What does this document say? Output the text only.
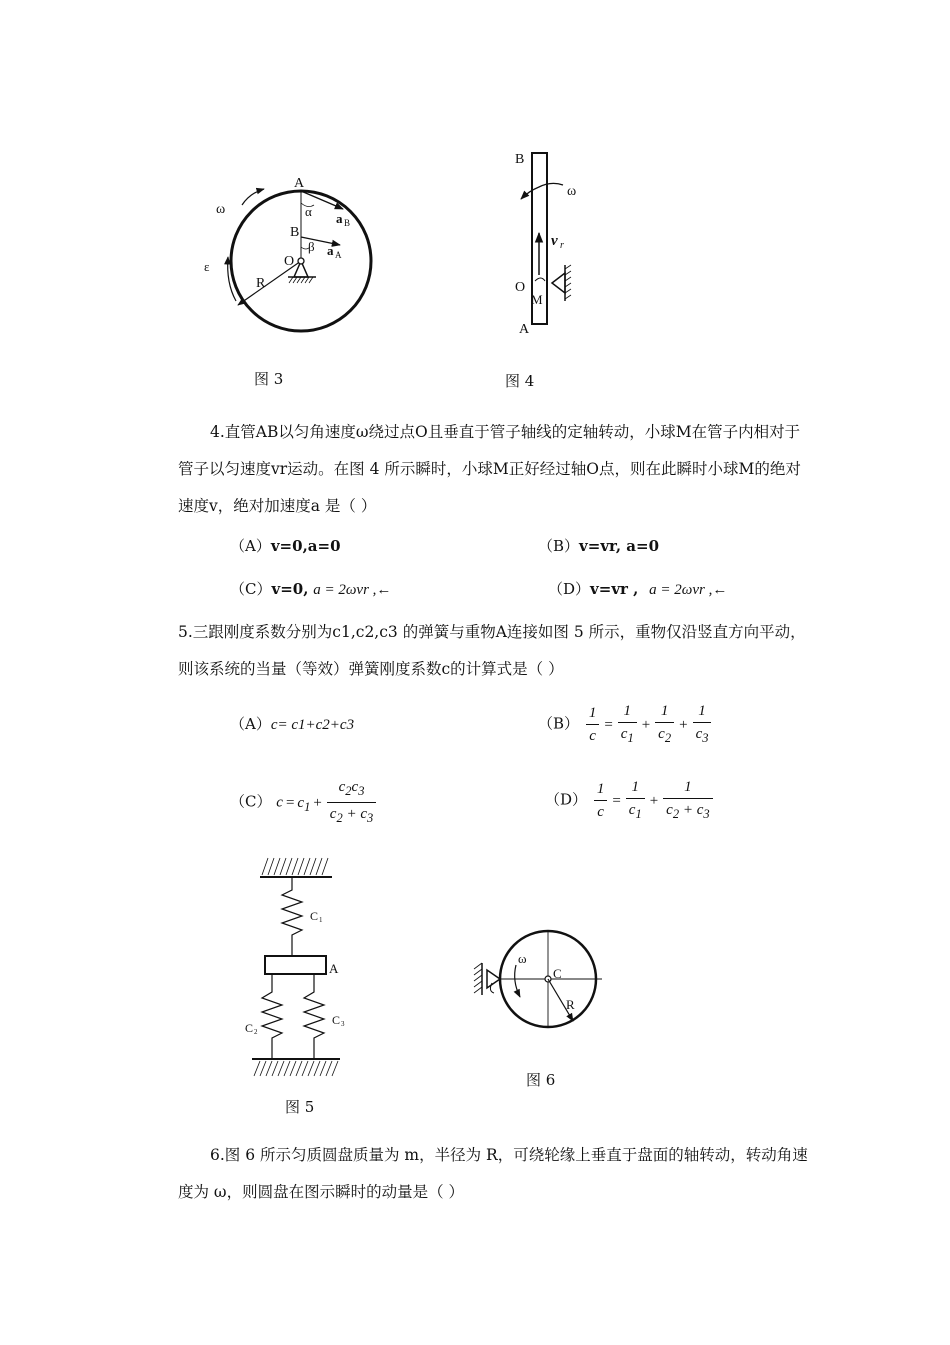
A
B
O
R
ω
ε
α
β
a B
a A
图 3
B
A
O
M
ω
v r
图 4
4.直管AB以匀角速度ω绕过点O且垂直于管子轴线的定轴转动，小球M在管子内相对于管子以匀速度vr运动。在图 4 所示瞬时，小球M正好经过轴O点，则在此瞬时小球M的绝对速度v，绝对加速度a 是（ ）
（A）v=0,a=0	（B）v=vr, a=0
（C）v=0, a = 2ωvr ,←	（D）v=vr , a = 2ωvr ,←
5.三跟刚度系数分别为c1,c2,c3 的弹簧与重物A连接如图 5 所示，重物仅沿竖直方向平动，则该系统的当量（等效）弹簧刚度系数c的计算式是（ ）
（A）c= c1+c2+c3	$(B) \frac{1}{c} = \frac{1}{c_1} + \frac{1}{c_2} + \frac{1}{c_3}$
（C） $c = c_1 + \frac{c_2c_3}{c_2 + c_3}$	$(D) \frac{1}{c} = \frac{1}{c_1} + \frac{1}{c_2 + c_3}$
C 1
A
C 2
C 3
图 5
ω
C
R
图 6
6.图 6 所示匀质圆盘质量为 m，半径为 R，可绕轮缘上垂直于盘面的轴转动，转动角速度为 ω，则圆盘在图示瞬时的动量是（ ）
